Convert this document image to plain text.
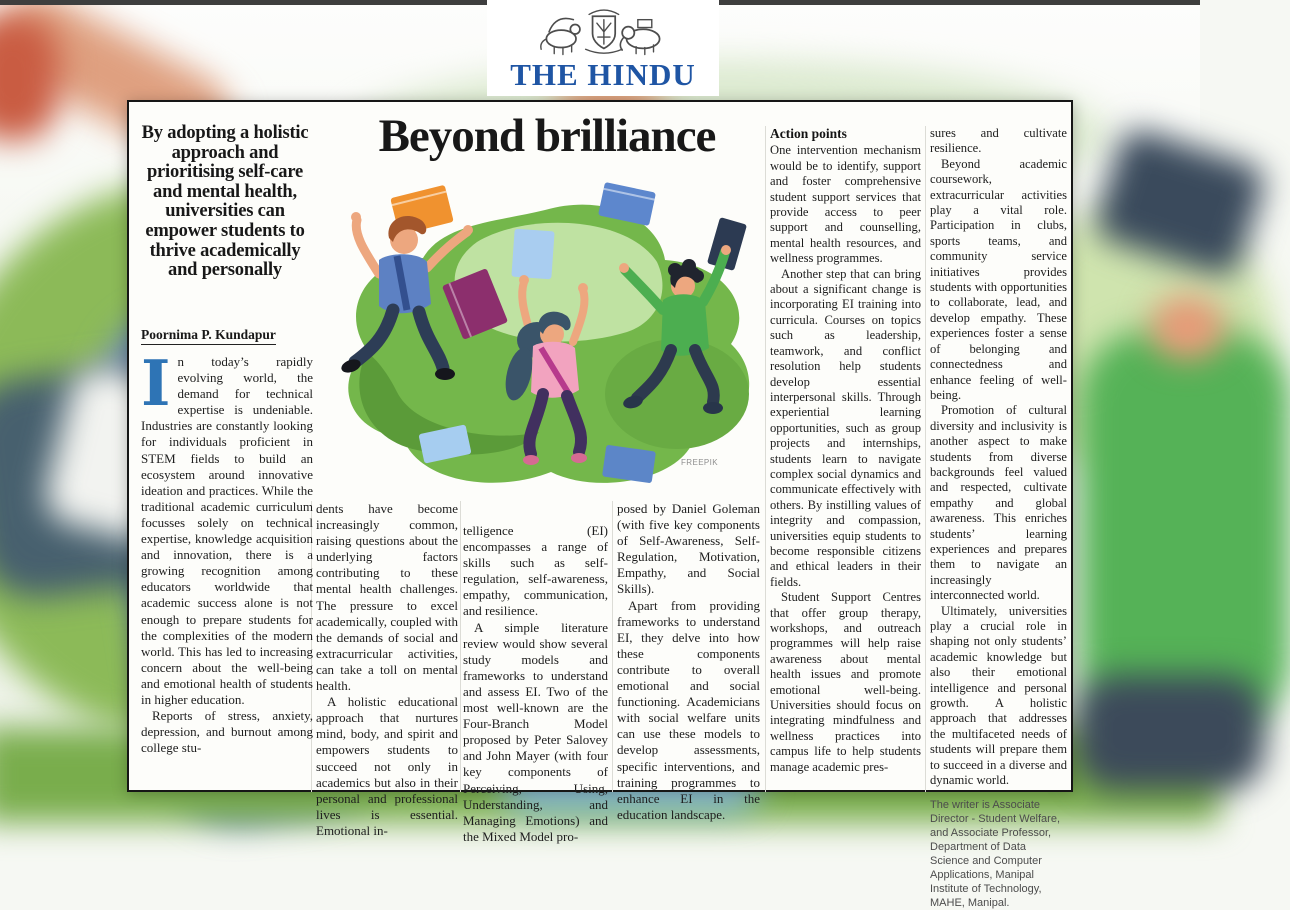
THE HINDU
Beyond brilliance
By adopting a holistic approach and prioritising self-care and mental health, universities can empower students to thrive academically and personally
Poornima P. Kundapur
FREEPIK

In today’s rapidly evolving world, the demand for technical expertise is undeniable. Industries are constantly looking for individuals proficient in STEM fields to build an ecosystem around innovative ideation and practices. While the traditional academic curriculum focusses solely on technical expertise, knowledge acquisition and innovation, there is a growing recognition among educators worldwide that academic success alone is not enough to prepare students for the complexities of the modern world. This has led to increasing concern about the well-being and emotional health of students in higher education.

Reports of stress, anxiety, depression, and burnout among college stu-

dents have become increasingly common, raising questions about the underlying factors contributing to these mental health challenges. The pressure to excel academically, coupled with the demands of social and extracurricular activities, can take a toll on mental health.

A holistic educational approach that nurtures mind, body, and spirit and empowers students to succeed not only in academics but also in their personal and professional lives is essential. Emotional in-

telligence (EI) encompasses a range of skills such as self-regulation, self-awareness, empathy, communication, and resilience.

A simple literature review would show several study models and frameworks to understand and assess EI. Two of the most well-known are the Four-Branch Model proposed by Peter Salovey and John Mayer (with four key components of Perceiving, Using, Understanding, and Managing Emotions) and the Mixed Model pro-

posed by Daniel Goleman (with five key components of Self-Awareness, Self-Regulation, Motivation, Empathy, and Social Skills).

Apart from providing frameworks to understand EI, they delve into how these components contribute to overall emotional and social functioning. Academicians with social welfare units can use these models to develop assessments, specific interventions, and training programmes to enhance EI in the education landscape.

Action points

One intervention mechanism would be to identify, support and foster comprehensive student support services that provide access to peer support and counselling, mental health resources, and wellness programmes.

Another step that can bring about a significant change is incorporating EI training into curricula. Courses on topics such as leadership, teamwork, and conflict resolution help students develop essential interpersonal skills. Through experiential learning opportunities, such as group projects and internships, students learn to navigate complex social dynamics and communicate effectively with others. By instilling values of integrity and compassion, universities equip students to become responsible citizens and ethical leaders in their fields.

Student Support Centres that offer group therapy, workshops, and outreach programmes will help raise awareness about mental health issues and promote emotional well-being. Universities should focus on integrating mindfulness and wellness practices into campus life to help students manage academic pres-

sures and cultivate resilience.

Beyond academic coursework, extracurricular activities play a vital role. Participation in clubs, sports teams, and community service initiatives provides students with opportunities to collaborate, lead, and develop empathy. These experiences foster a sense of belonging and connectedness and enhance feeling of well-being.

Promotion of cultural diversity and inclusivity is another aspect to make students from diverse backgrounds feel valued and respected, cultivate empathy and global awareness. This enriches students’ learning experiences and prepares them to navigate an increasingly interconnected world.

Ultimately, universities play a crucial role in shaping not only students’ academic knowledge but also their emotional intelligence and personal growth. A holistic approach that addresses the multifaceted needs of students will prepare them to succeed in a diverse and dynamic world.

The writer is Associate Director - Student Welfare, and Associate Professor, Department of Data Science and Computer Applications, Manipal Institute of Technology, MAHE, Manipal.
